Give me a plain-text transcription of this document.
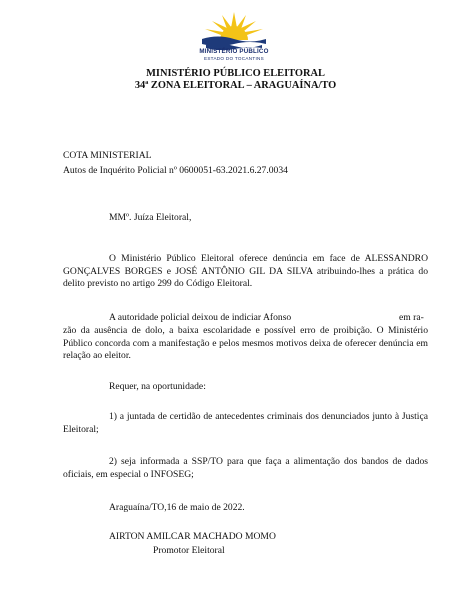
MINISTÉRIO PÚBLICO
ESTADO DO TOCANTINS
MINISTÉRIO PÚBLICO ELEITORAL
34ª ZONA ELEITORAL – ARAGUAÍNA/TO
COTA MINISTERIAL
Autos de Inquérito Policial nº 0600051-63.2021.6.27.0034
MMº. Juíza Eleitoral,
O Ministério Público Eleitoral oferece denúncia em face de ALESSANDRO GONÇALVES BORGES e JOSÉ ANTÔNIO GIL DA SILVA atribuindo-lhes a prática do delito previsto no artigo 299 do Código Eleitoral.
A autoridade policial deixou de indiciar Afonso	em ra-
zão da ausência de dolo, a baixa escolaridade e possível erro de proibição. O Ministério Público concorda com a manifestação e pelos mesmos motivos deixa de oferecer denúncia em relação ao eleitor.
Requer, na oportunidade:
1) a juntada de certidão de antecedentes criminais dos denunciados junto à Justiça Eleitoral;
2) seja informada a SSP/TO para que faça a alimentação dos bandos de dados oficiais, em especial o INFOSEG;
Araguaína/TO,16 de maio de 2022.
AIRTON AMILCAR MACHADO MOMO
Promotor Eleitoral
